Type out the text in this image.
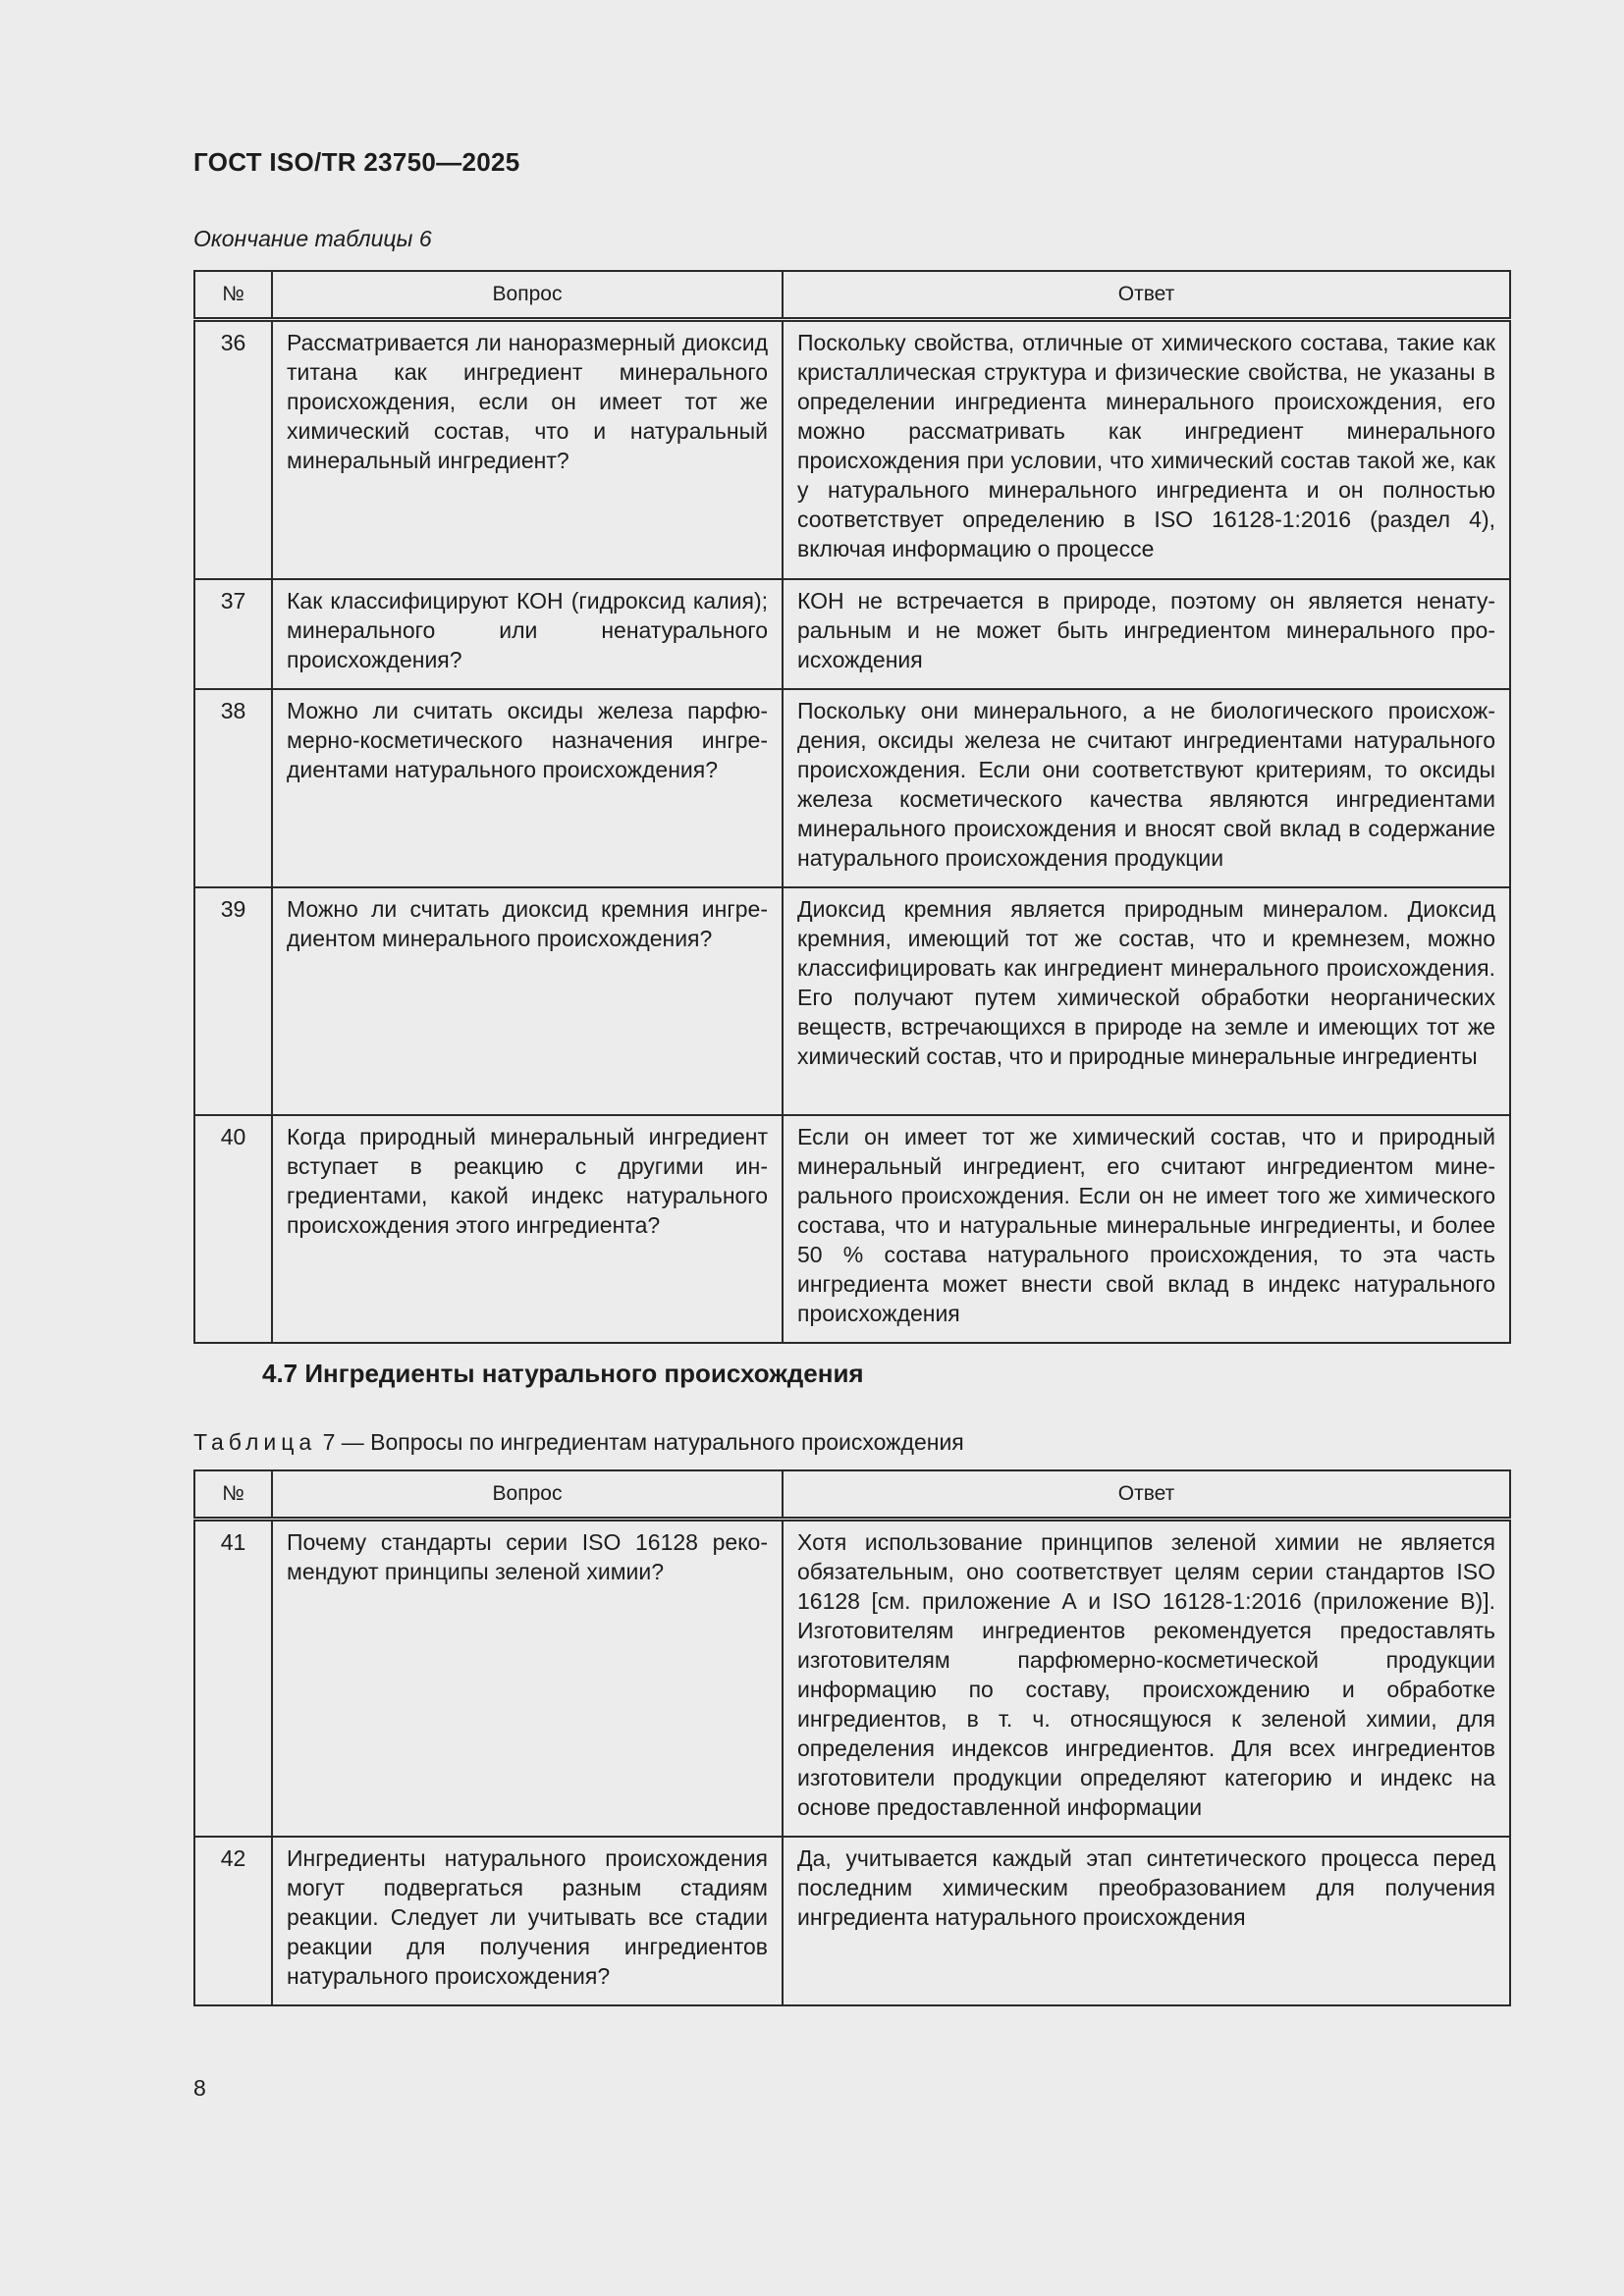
ГОСТ ISO/TR 23750—2025
Окончание таблицы 6
№	Вопрос	Ответ
36	Рассматривается ли наноразмерный диоксид титана как ингредиент минерального происхождения, если он имеет тот же химический состав, что и натуральный минеральный ингредиент?	Поскольку свойства, отличные от химического состава, такие как кристаллическая структура и физические свойства, не указаны в определении ингредиента минерального происхождения, его можно рассматривать как ингредиент минерального происхождения при условии, что химический состав такой же, как у натурального минерального ингредиента и он полностью соответствует определению в ISO 16128-1:2016 (раздел 4), включая информацию о процессе
37	Как классифицируют КОН (гидроксид калия); минерального или ненатурального происхождения?	КОН не встречается в природе, поэтому он является ненатуральным и не может быть ингредиентом минерального происхождения
38	Можно ли считать оксиды железа парфюмерно-косметического назначения ингредиентами натурального происхождения?	Поскольку они минерального, а не биологического происхождения, оксиды железа не считают ингредиентами натурального происхождения. Если они соответствуют критериям, то оксиды железа косметического качества являются ингредиентами минерального происхождения и вносят свой вклад в содержание натурального происхождения продукции
39	Можно ли считать диоксид кремния ингредиентом минерального происхождения?	Диоксид кремния является природным минералом. Диоксид кремния, имеющий тот же состав, что и кремнезем, можно классифицировать как ингредиент минерального происхождения. Его получают путем химической обработки неорганических веществ, встречающихся в природе на земле и имеющих тот же химический состав, что и природные минеральные ингредиенты
40	Когда природный минеральный ингредиент вступает в реакцию с другими ингредиентами, какой индекс натурального происхождения этого ингредиента?	Если он имеет тот же химический состав, что и природный минеральный ингредиент, его считают ингредиентом минерального происхождения. Если он не имеет того же химического состава, что и натуральные минеральные ингредиенты, и более 50 % состава натурального происхождения, то эта часть ингредиента может внести свой вклад в индекс натурального происхождения
4.7 Ингредиенты натурального происхождения
Таблица 7 — Вопросы по ингредиентам натурального происхождения
№	Вопрос	Ответ
41	Почему стандарты серии ISO 16128 рекомендуют принципы зеленой химии?	Хотя использование принципов зеленой химии не является обязательным, оно соответствует целям серии стандартов ISO 16128 [см. приложение А и ISO 16128-1:2016 (приложение В)]. Изготовителям ингредиентов рекомендуется предоставлять изготовителям парфюмерно-косметической продукции информацию по составу, происхождению и обработке ингредиентов, в т. ч. относящуюся к зеленой химии, для определения индексов ингредиентов. Для всех ингредиентов изготовители продукции определяют категорию и индекс на основе предоставленной информации
42	Ингредиенты натурального происхождения могут подвергаться разным стадиям реакции. Следует ли учитывать все стадии реакции для получения ингредиентов натурального происхождения?	Да, учитывается каждый этап синтетического процесса перед последним химическим преобразованием для получения ингредиента натурального происхождения
8
